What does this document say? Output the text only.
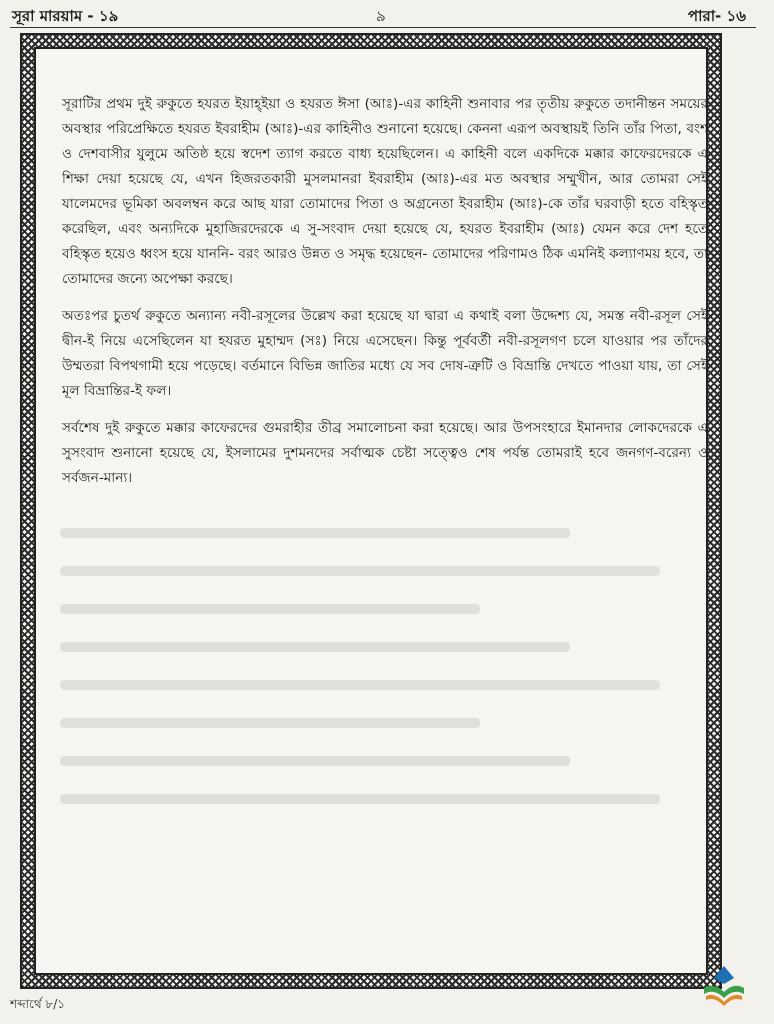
সূরা মারয়াম - ১৯	৯	পারা- ১৬

সূরাটির প্রথম দুই রুকুতে হযরত ইয়াহ্ইয়া ও হযরত ঈসা (আঃ)-এর কাহিনী শুনাবার পর তৃতীয় রুকুতে তদানীন্তন সময়ের অবস্থার পরিপ্রেক্ষিতে হযরত ইবরাহীম (আঃ)-এর কাহিনীও শুনানো হয়েছে। কেননা এরূপ অবস্থায়ই তিনি তাঁর পিতা, বংশ ও দেশবাসীর যুলুমে অতিষ্ঠ হয়ে স্বদেশ ত্যাগ করতে বাধ্য হয়েছিলেন। এ কাহিনী বলে একদিকে মক্কার কাফেরদেরকে এ শিক্ষা দেয়া হয়েছে যে, এখন হিজরতকারী মুসলমানরা ইবরাহীম (আঃ)-এর মত অবস্থার সম্মুখীন, আর তোমরা সেই যালেমদের ভূমিকা অবলম্বন করে আছ যারা তোমাদের পিতা ও অগ্রনেতা ইবরাহীম (আঃ)-কে তাঁর ঘরবাড়ী হতে বহিস্কৃত করেছিল, এবং অন্যদিকে মুহাজিরদেরকে এ সু-সংবাদ দেয়া হয়েছে যে, হযরত ইবরাহীম (আঃ) যেমন করে দেশ হতে বহিস্কৃত হয়েও ধ্বংস হয়ে যাননি- বরং আরও উন্নত ও সমৃদ্ধ হয়েছেন- তোমাদের পরিণামও ঠিক এমনিই কল্যাণময় হবে, তা তোমাদের জন্যে অপেক্ষা করছে।

অতঃপর চুতর্থ রুকুতে অন্যান্য নবী-রসূলের উল্লেখ করা হয়েছে যা দ্বারা এ কথাই বলা উদ্দেশ্য যে, সমস্ত নবী-রসূল সেই দ্বীন-ই নিয়ে এসেছিলেন যা হযরত মুহাম্মদ (সঃ) নিয়ে এসেছেন। কিন্তু পূর্ববর্তী নবী-রসূলগণ চলে যাওয়ার পর তাঁদের উম্মতরা বিপথগামী হয়ে পড়েছে। বর্তমানে বিভিন্ন জাতির মধ্যে যে সব দোষ-ত্রুটি ও বিভ্রান্তি দেখতে পাওয়া যায়, তা সেই মূল বিভ্রান্তির-ই ফল।

সর্বশেষ দুই রুকুতে মক্কার কাফেরদের গুমরাহীর তীব্র সমালোচনা করা হয়েছে। আর উপসংহারে ইমানদার লোকদেরকে এ সুসংবাদ শুনানো হয়েছে যে, ইসলামের দুশমনদের সর্বাত্মক চেষ্টা সত্ত্বেও শেষ পর্যন্ত তোমরাই হবে জনগণ-বরেন্য ও সর্বজন-মান্য।

শব্দার্থে ৮/১
